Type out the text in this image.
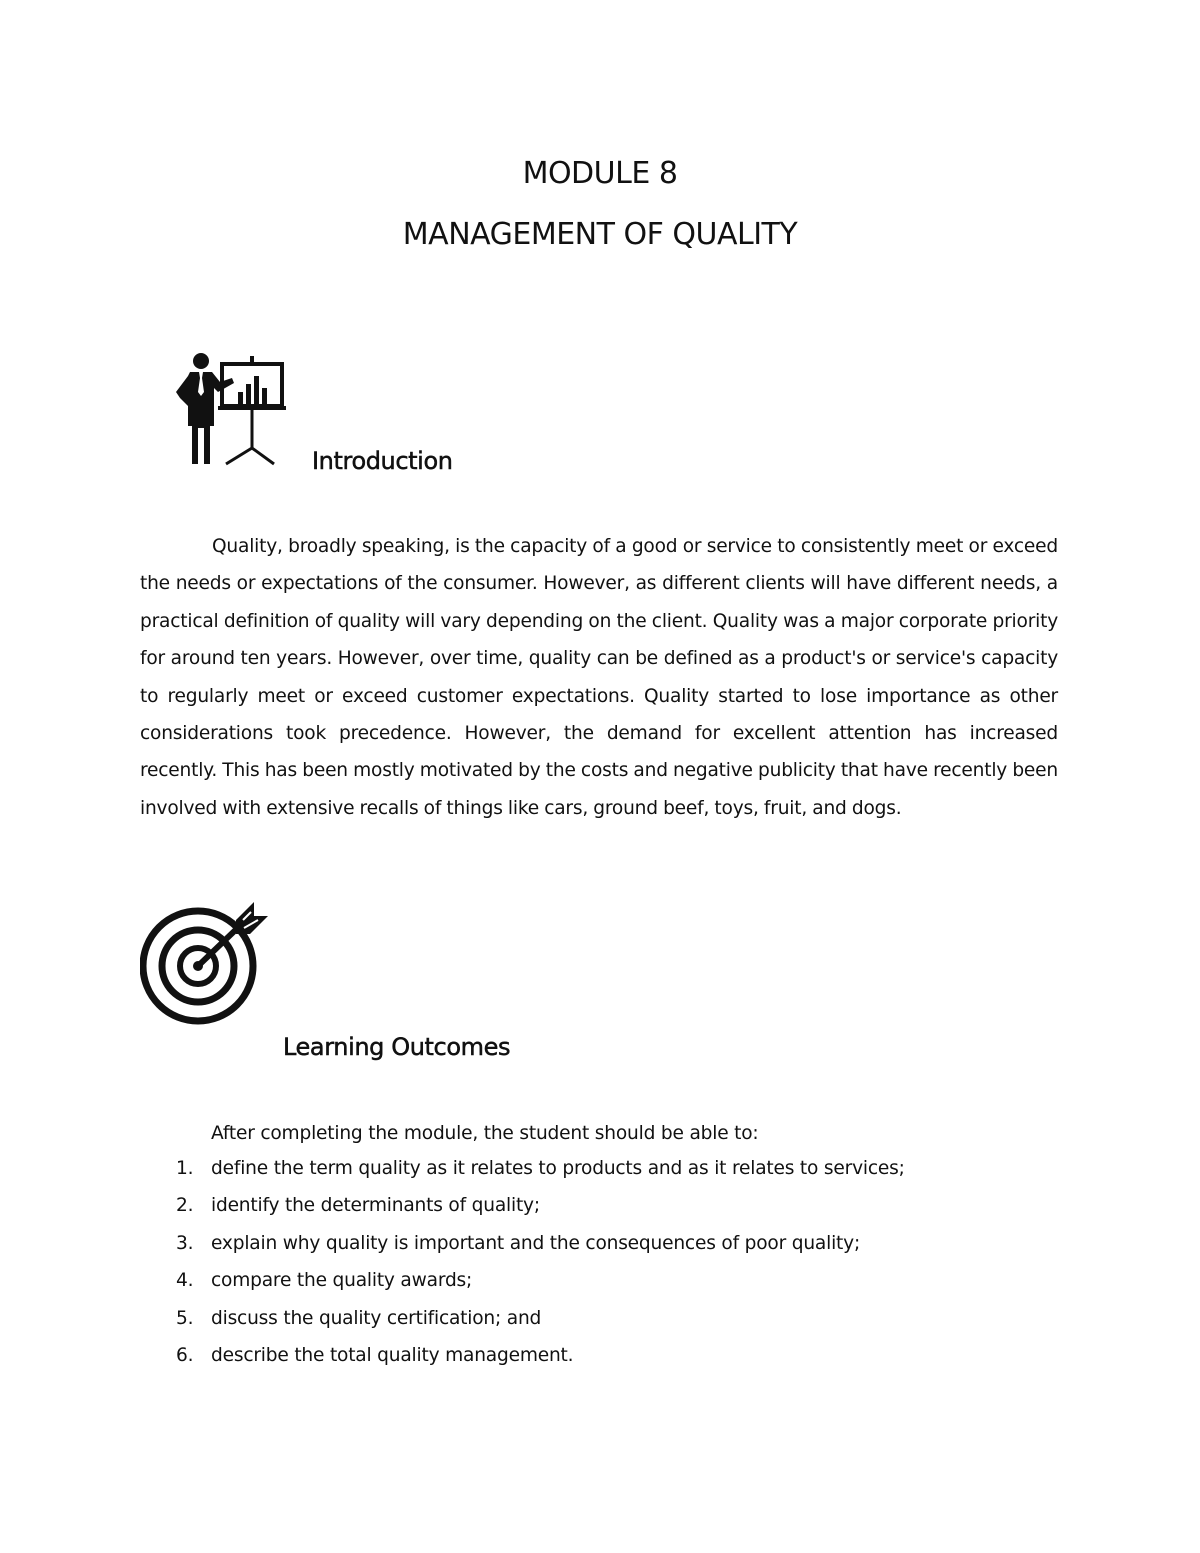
MODULE 8
MANAGEMENT OF QUALITY
Introduction

Quality, broadly speaking, is the capacity of a good or service to consistently meet or exceed the needs or expectations of the consumer. However, as different clients will have different needs, a practical definition of quality will vary depending on the client. Quality was a major corporate priority for around ten years. However, over time, quality can be defined as a product's or service's capacity to regularly meet or exceed customer expectations. Quality started to lose importance as other considerations took precedence. However, the demand for excellent attention has increased recently. This has been mostly motivated by the costs and negative publicity that have recently been involved with extensive recalls of things like cars, ground beef, toys, fruit, and dogs.

Learning Outcomes

After completing the module, the student should be able to:

1. define the term quality as it relates to products and as it relates to services;
2. identify the determinants of quality;
3. explain why quality is important and the consequences of poor quality;
4. compare the quality awards;
5. discuss the quality certification; and
6. describe the total quality management.
